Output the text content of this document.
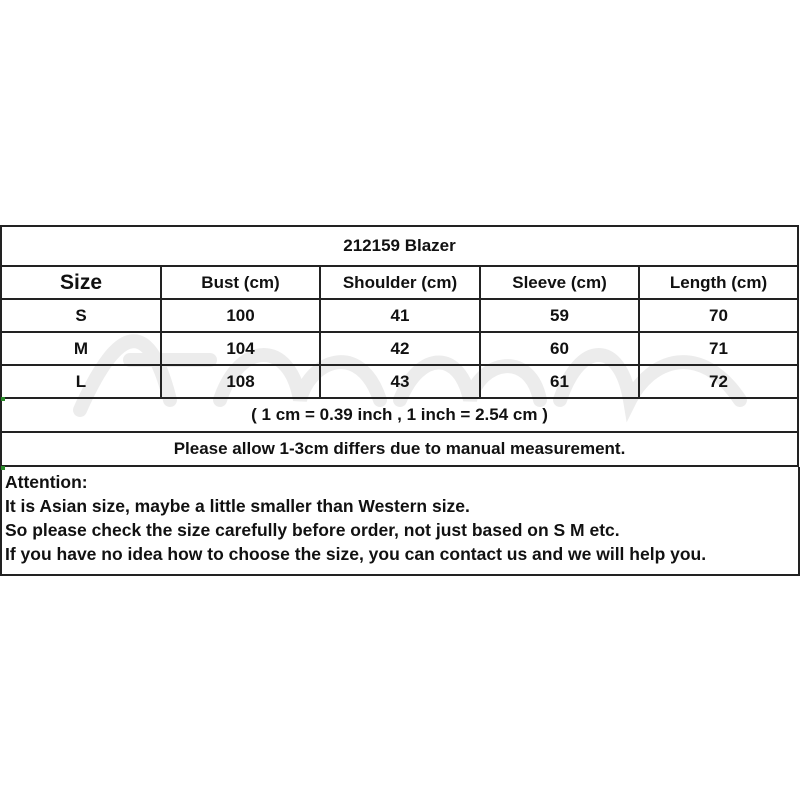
212159 Blazer				
Size	Bust (cm)	Shoulder (cm)	Sleeve (cm)	Length (cm)
S	100	41	59	70
M	104	42	60	71
L	108	43	61	72
( 1 cm = 0.39 inch , 1 inch = 2.54 cm )				
Please allow 1-3cm differs due to manual measurement.				
Attention:
It is Asian size, maybe a little smaller than Western size.
So please check the size carefully before order, not just based on S M etc.
If you have no idea how to choose the size, you can contact us and we will help you.
